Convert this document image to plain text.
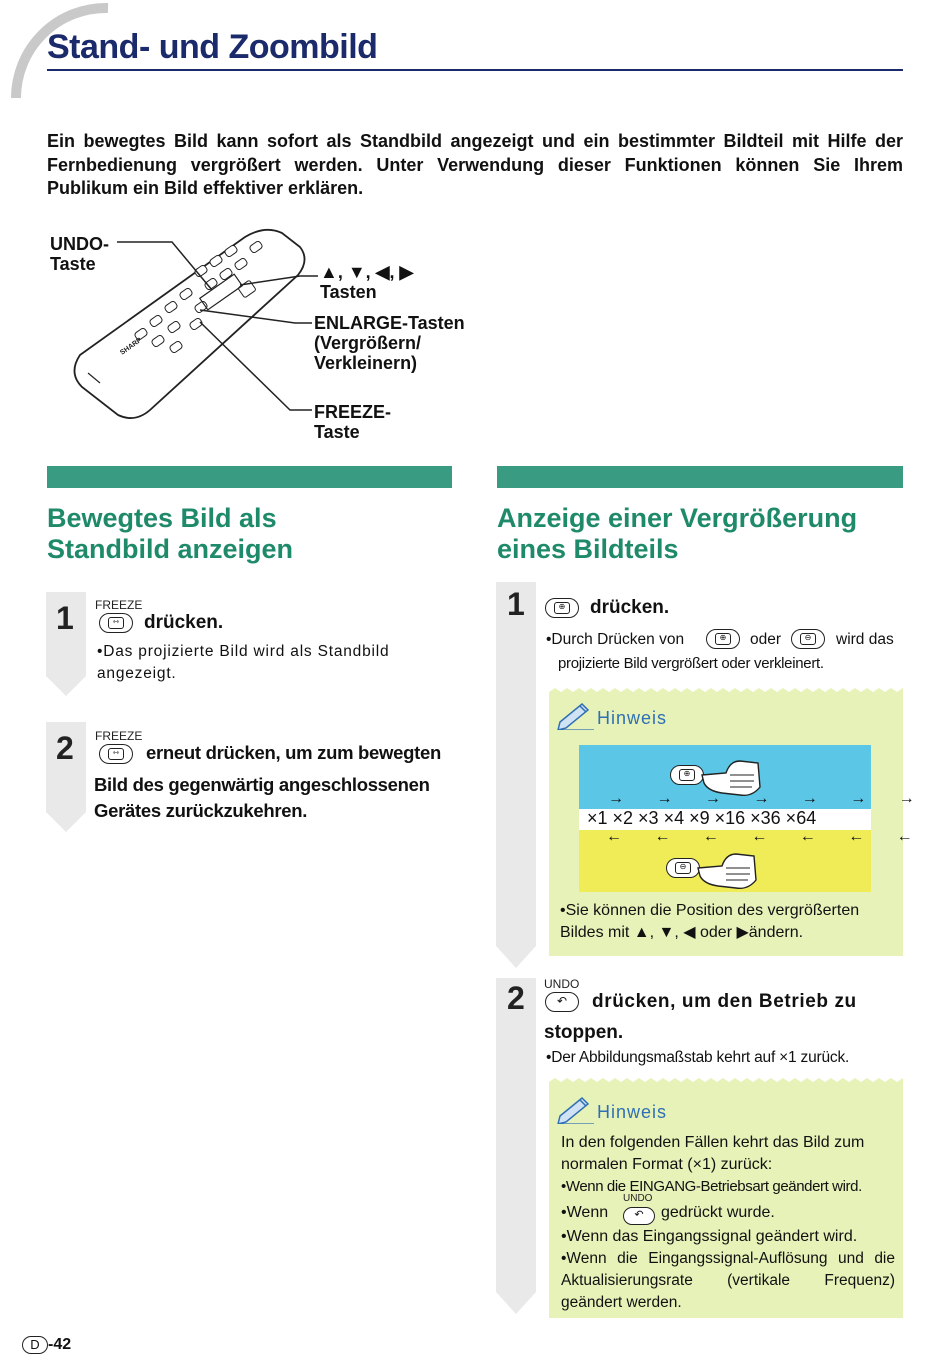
Stand- und Zoombild
Ein bewegtes Bild kann sofort als Standbild angezeigt und ein bestimmter Bildteil mit Hilfe der Fernbedienung vergrößert werden. Unter Verwendung dieser Funktionen können Sie Ihrem Publikum ein Bild effektiver erklären.
SHARP
UNDO-
Taste	▲, ▼, ◀, ▶
Tasten
ENLARGE-Tasten
(Vergrößern/
Verkleinern)
FREEZE-
Taste
Bewegtes Bild als
Standbild anzeigen
1 FREEZE
⇿ drücken.
•Das projizierte Bild wird als Standbild angezeigt.
2 FREEZE
⇿ erneut drücken, um zum bewegten
Bild des gegenwärtig angeschlossenen Gerätes zurückzukehren.
Anzeige einer Vergrößerung
eines Bildteils
1	⊕ drücken.
•Durch Drücken von	⊕	oder	⊖	wird das
projizierte Bild vergrößert oder verkleinert.
Hinweis
⊕
→ → → → → → →
×1 ×2 ×3 ×4 ×9 ×16 ×36 ×64
← ← ← ← ← ← ←
⊖
•Sie können die Position des vergrößerten Bildes mit ▲, ▼, ◀ oder ▶ändern.
2 UNDO
↶ drücken, um den Betrieb zu
stoppen.
•Der Abbildungsmaßstab kehrt auf ×1 zurück.
Hinweis
In den folgenden Fällen kehrt das Bild zum normalen Format (×1) zurück:
•Wenn die EINGANG-Betriebsart geändert wird.
•Wenn
UNDO
↶ gedrückt wurde.
•Wenn das Eingangssignal geändert wird.
•Wenn die Eingangssignal-Auflösung und die Aktualisierungsrate (vertikale Frequenz) geändert werden.
D -42
